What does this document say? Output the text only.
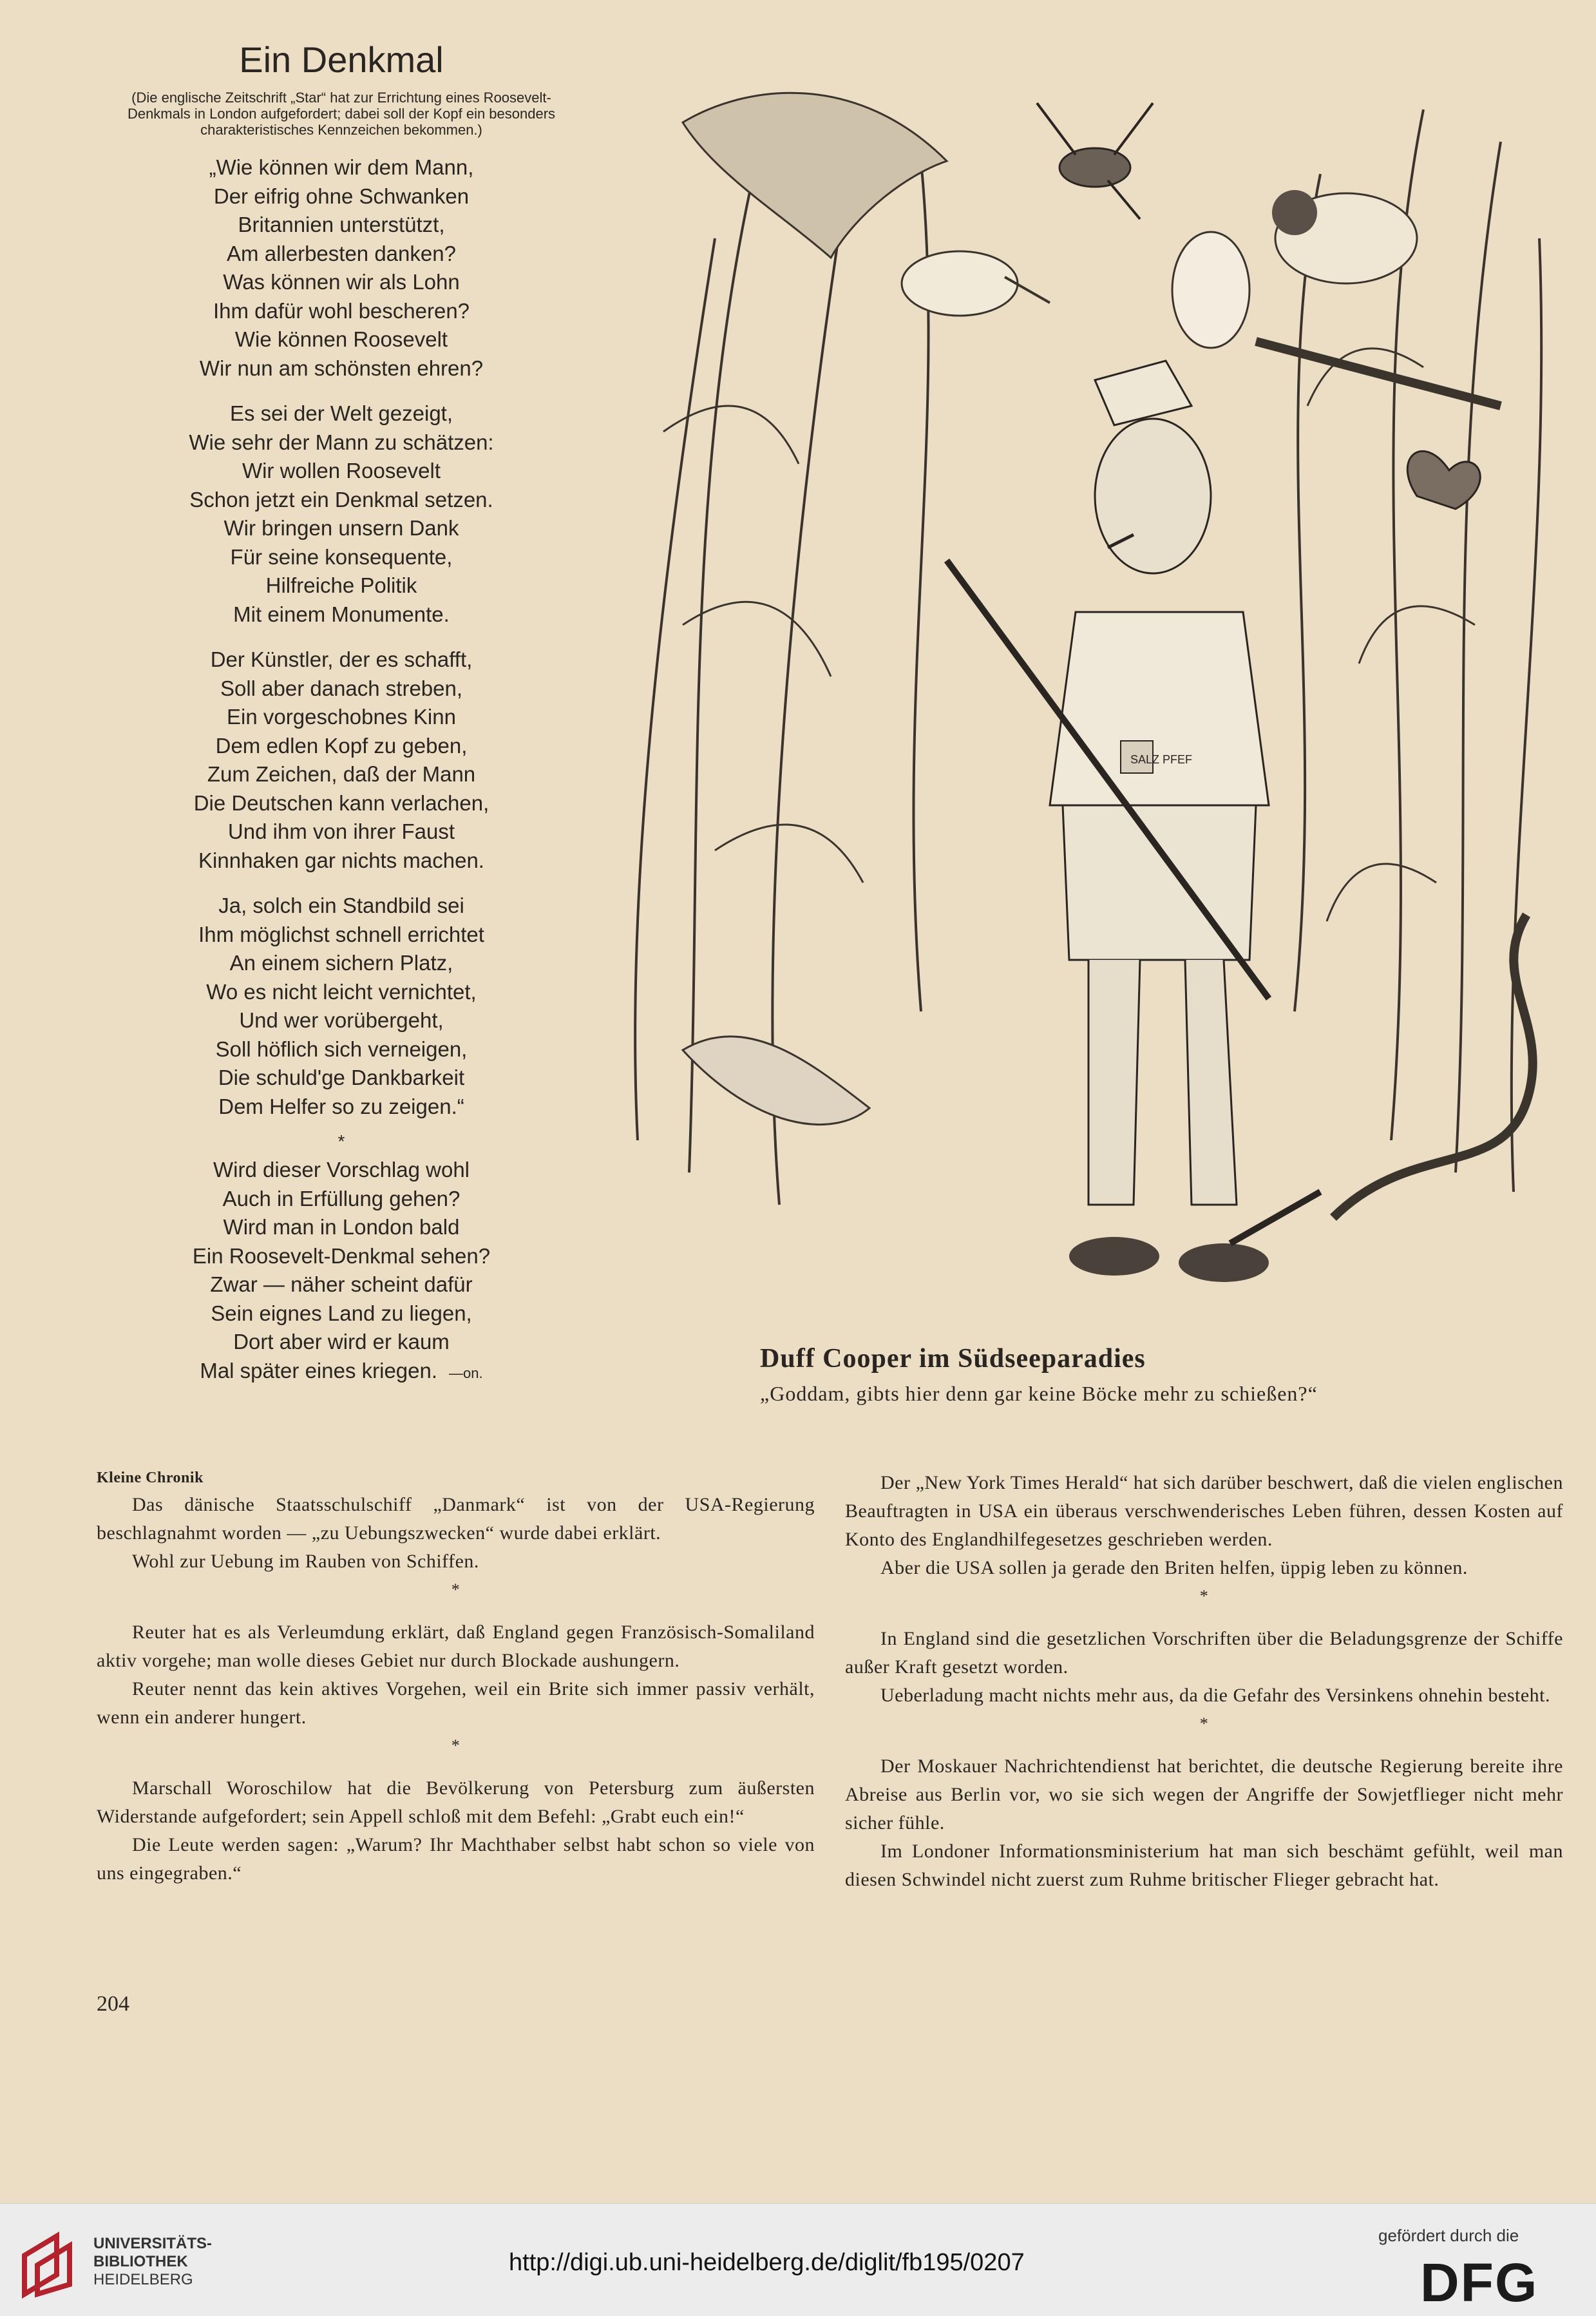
Ein Denkmal
(Die englische Zeitschrift „Star“ hat zur Errichtung eines Roosevelt-Denkmals in London aufgefordert; dabei soll der Kopf ein besonders charakteristisches Kennzeichen bekommen.)
„Wie können wir dem Mann,
Der eifrig ohne Schwanken
Britannien unterstützt,
Am allerbesten danken?
Was können wir als Lohn
Ihm dafür wohl bescheren?
Wie können Roosevelt
Wir nun am schönsten ehren?
Es sei der Welt gezeigt,
Wie sehr der Mann zu schätzen:
Wir wollen Roosevelt
Schon jetzt ein Denkmal setzen.
Wir bringen unsern Dank
Für seine konsequente,
Hilfreiche Politik
Mit einem Monumente.
Der Künstler, der es schafft,
Soll aber danach streben,
Ein vorgeschobnes Kinn
Dem edlen Kopf zu geben,
Zum Zeichen, daß der Mann
Die Deutschen kann verlachen,
Und ihm von ihrer Faust
Kinnhaken gar nichts machen.
Ja, solch ein Standbild sei
Ihm möglichst schnell errichtet
An einem sichern Platz,
Wo es nicht leicht vernichtet,
Und wer vorübergeht,
Soll höflich sich verneigen,
Die schuld'ge Dankbarkeit
Dem Helfer so zu zeigen.“
*
Wird dieser Vorschlag wohl
Auch in Erfüllung gehen?
Wird man in London bald
Ein Roosevelt-Denkmal sehen?
Zwar — näher scheint dafür
Sein eignes Land zu liegen,
Dort aber wird er kaum
Mal später eines kriegen. —on.
SALZ PFEF
Duff Cooper im Südseeparadies
„Goddam, gibts hier denn gar keine Böcke mehr zu schießen?“
Kleine Chronik

Das dänische Staatsschulschiff „Danmark“ ist von der USA-Regierung beschlagnahmt worden — „zu Uebungszwecken“ wurde dabei erklärt.

Wohl zur Uebung im Rauben von Schiffen.

*

Reuter hat es als Verleumdung erklärt, daß England gegen Französisch-Somaliland aktiv vorgehe; man wolle dieses Gebiet nur durch Blockade aushungern.

Reuter nennt das kein aktives Vorgehen, weil ein Brite sich immer passiv verhält, wenn ein anderer hungert.

*

Marschall Woroschilow hat die Bevölkerung von Petersburg zum äußersten Widerstande aufgefordert; sein Appell schloß mit dem Befehl: „Grabt euch ein!“

Die Leute werden sagen: „Warum? Ihr Machthaber selbst habt schon so viele von uns eingegraben.“

Der „New York Times Herald“ hat sich darüber beschwert, daß die vielen englischen Beauftragten in USA ein überaus verschwenderisches Leben führen, dessen Kosten auf Konto des Englandhilfegesetzes geschrieben werden.

Aber die USA sollen ja gerade den Briten helfen, üppig leben zu können.

*

In England sind die gesetzlichen Vorschriften über die Beladungsgrenze der Schiffe außer Kraft gesetzt worden.

Ueberladung macht nichts mehr aus, da die Gefahr des Versinkens ohnehin besteht.

*

Der Moskauer Nachrichtendienst hat berichtet, die deutsche Regierung bereite ihre Abreise aus Berlin vor, wo sie sich wegen der Angriffe der Sowjetflieger nicht mehr sicher fühle.

Im Londoner Informationsministerium hat man sich beschämt gefühlt, weil man diesen Schwindel nicht zuerst zum Ruhme britischer Flieger gebracht hat.

204
UNIVERSITÄTS-
BIBLIOTHEK
HEIDELBERG
http://digi.ub.uni-heidelberg.de/diglit/fb195/0207
gefördert durch die
DFG
